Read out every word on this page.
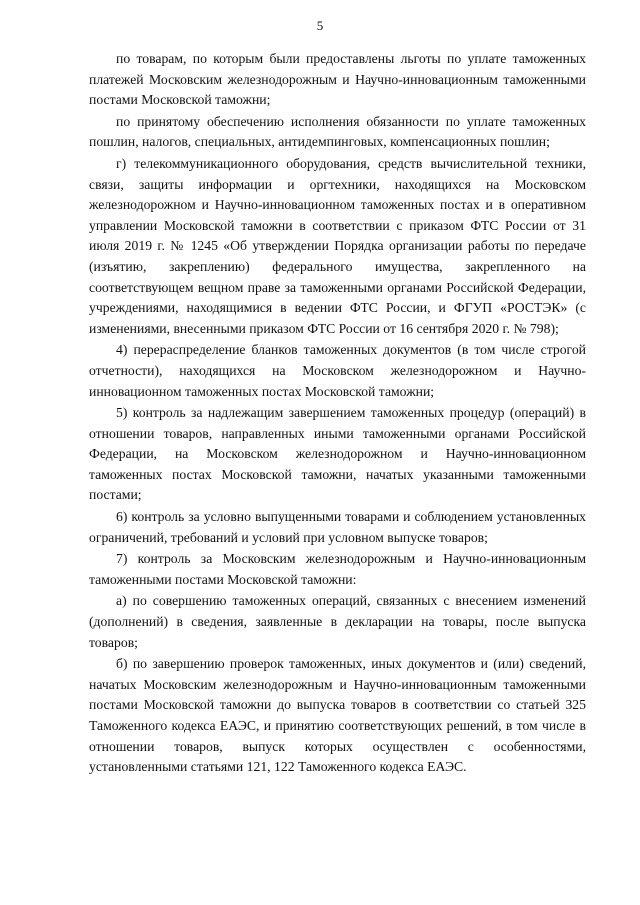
5

по товарам, по которым были предоставлены льготы по уплате таможенных платежей Московским железнодорожным и Научно-инновационным таможенными постами Московской таможни;

по принятому обеспечению исполнения обязанности по уплате таможенных пошлин, налогов, специальных, антидемпинговых, компенсационных пошлин;

г) телекоммуникационного оборудования, средств вычислительной техники, связи, защиты информации и оргтехники, находящихся на Московском железнодорожном и Научно-инновационном таможенных постах и в оперативном управлении Московской таможни в соответствии с приказом ФТС России от 31 июля 2019 г. № 1245 «Об утверждении Порядка организации работы по передаче (изъятию, закреплению) федерального имущества, закрепленного на соответствующем вещном праве за таможенными органами Российской Федерации, учреждениями, находящимися в ведении ФТС России, и ФГУП «РОСТЭК» (с изменениями, внесенными приказом ФТС России от 16 сентября 2020 г. № 798);

4) перераспределение бланков таможенных документов (в том числе строгой отчетности), находящихся на Московском железнодорожном и Научно-инновационном таможенных постах Московской таможни;

5) контроль за надлежащим завершением таможенных процедур (операций) в отношении товаров, направленных иными таможенными органами Российской Федерации, на Московском железнодорожном и Научно-инновационном таможенных постах Московской таможни, начатых указанными таможенными постами;

6) контроль за условно выпущенными товарами и соблюдением установленных ограничений, требований и условий при условном выпуске товаров;

7) контроль за Московским железнодорожным и Научно-инновационным таможенными постами Московской таможни:

а) по совершению таможенных операций, связанных с внесением изменений (дополнений) в сведения, заявленные в декларации на товары, после выпуска товаров;

б) по завершению проверок таможенных, иных документов и (или) сведений, начатых Московским железнодорожным и Научно-инновационным таможенными постами Московской таможни до выпуска товаров в соответствии со статьей 325 Таможенного кодекса ЕАЭС, и принятию соответствующих решений, в том числе в отношении товаров, выпуск которых осуществлен с особенностями, установленными статьями 121, 122 Таможенного кодекса ЕАЭС.
